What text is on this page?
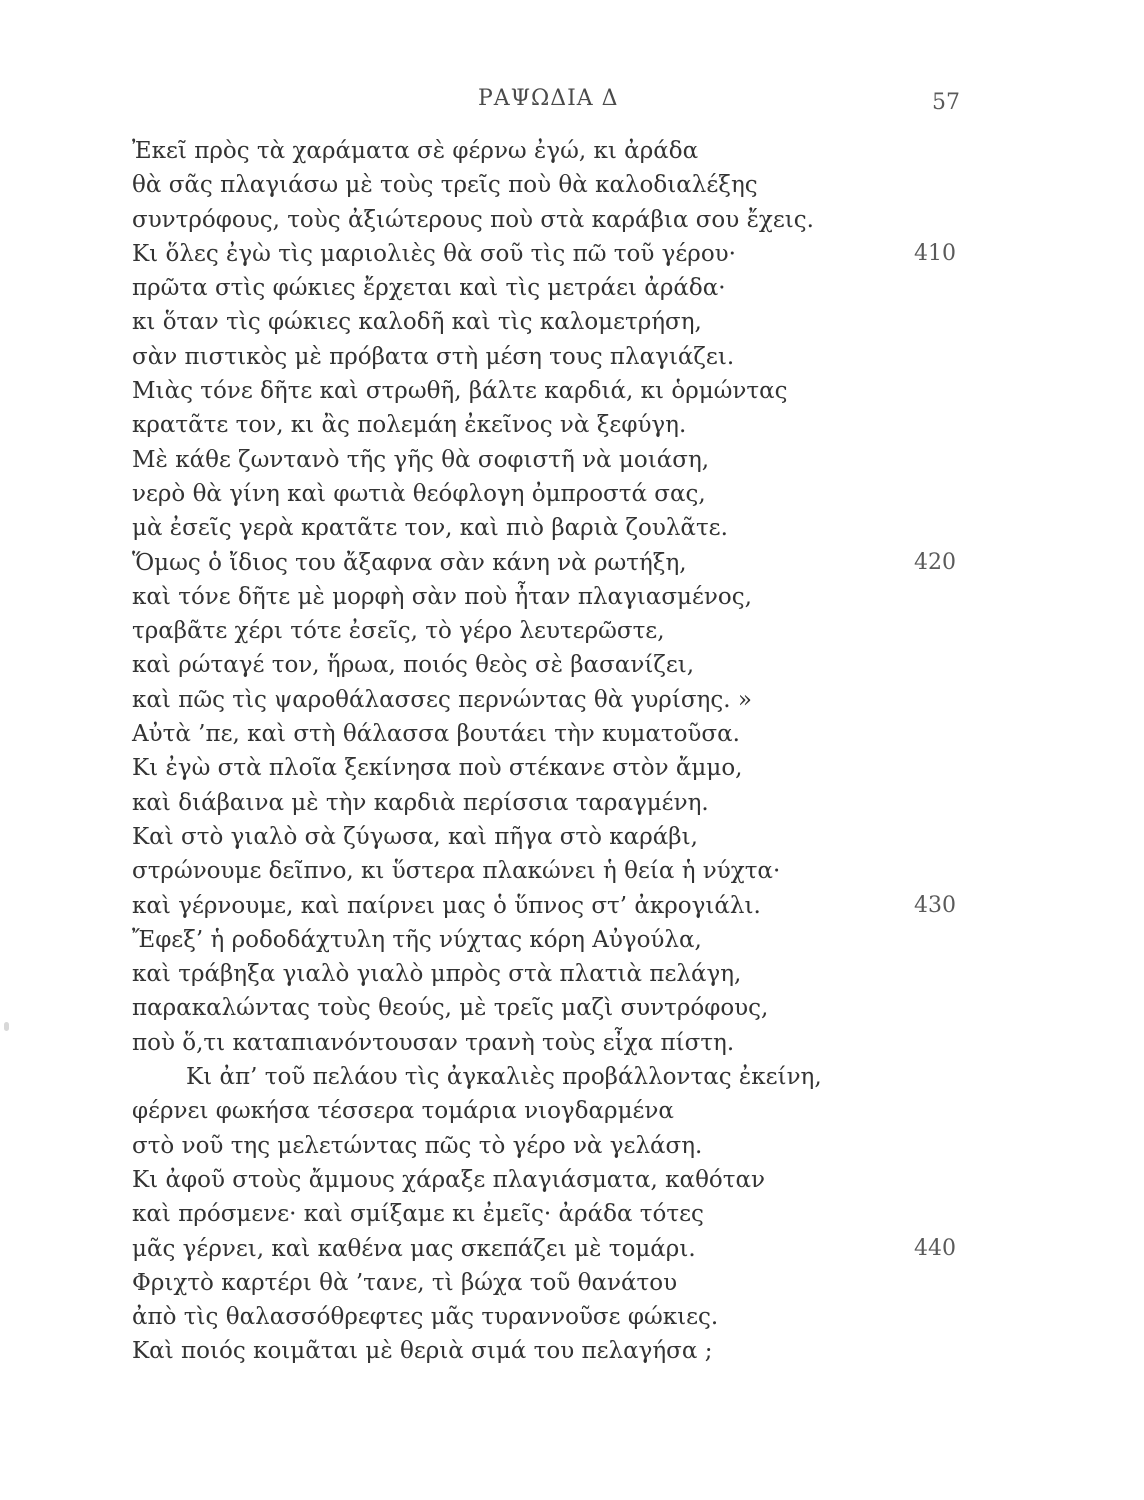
ΡΑΨΩΔΙΑ Δ	57
Ἐκεῖ πρὸς τὰ χαράματα σὲ φέρνω ἐγώ, κι ἀράδα
θὰ σᾶς πλαγιάσω μὲ τοὺς τρεῖς ποὺ θὰ καλοδιαλέξης
συντρόφους, τοὺς ἀξιώτερους ποὺ στὰ καράβια σου ἔχεις.
Κι ὅλες ἐγὼ τὶς μαριολιὲς θὰ σοῦ τὶς πῶ τοῦ γέρου·	410
πρῶτα στὶς φώκιες ἔρχεται καὶ τὶς μετράει ἀράδα·
κι ὅταν τὶς φώκιες καλοδῆ καὶ τὶς καλομετρήση,
σὰν πιστικὸς μὲ πρόβατα στὴ μέση τους πλαγιάζει.
Μιὰς τόνε δῆτε καὶ στρωθῆ, βάλτε καρδιά, κι ὁρμώντας
κρατᾶτε τον, κι ἂς πολεμάη ἐκεῖνος νὰ ξεφύγη.
Μὲ κάθε ζωντανὸ τῆς γῆς θὰ σοφιστῆ νὰ μοιάση,
νερὸ θὰ γίνη καὶ φωτιὰ θεόφλογη ὀμπροστά σας,
μὰ ἐσεῖς γερὰ κρατᾶτε τον, καὶ πιὸ βαριὰ ζουλᾶτε.
Ὅμως ὁ ἴδιος του ἄξαφνα σὰν κάνη νὰ ρωτήξη,	420
καὶ τόνε δῆτε μὲ μορφὴ σὰν ποὺ ἦταν πλαγιασμένος,
τραβᾶτε χέρι τότε ἐσεῖς, τὸ γέρο λευτερῶστε,
καὶ ρώταγέ τον, ἥρωα, ποιός θεὸς σὲ βασανίζει,
καὶ πῶς τὶς ψαροθάλασσες περνώντας θὰ γυρίσης. »
Αὐτὰ ’πε, καὶ στὴ θάλασσα βουτάει τὴν κυματοῦσα.
Κι ἐγὼ στὰ πλοῖα ξεκίνησα ποὺ στέκανε στὸν ἄμμο,
καὶ διάβαινα μὲ τὴν καρδιὰ περίσσια ταραγμένη.
Καὶ στὸ γιαλὸ σὰ ζύγωσα, καὶ πῆγα στὸ καράβι,
στρώνουμε δεῖπνο, κι ὕστερα πλακώνει ἡ θεία ἡ νύχτα·
καὶ γέρνουμε, καὶ παίρνει μας ὁ ὕπνος στ’ ἀκρογιάλι.	430
Ἔφεξ’ ἡ ροδοδάχτυλη τῆς νύχτας κόρη Αὐγούλα,
καὶ τράβηξα γιαλὸ γιαλὸ μπρὸς στὰ πλατιὰ πελάγη,
παρακαλώντας τοὺς θεούς, μὲ τρεῖς μαζὶ συντρόφους,
ποὺ ὅ,τι καταπιανόντουσαν τρανὴ τοὺς εἶχα πίστη.
Κι ἀπ’ τοῦ πελάου τὶς ἀγκαλιὲς προβάλλοντας ἐκείνη,
φέρνει φωκήσα τέσσερα τομάρια νιογδαρμένα
στὸ νοῦ της μελετώντας πῶς τὸ γέρο νὰ γελάση.
Κι ἀφοῦ στοὺς ἄμμους χάραξε πλαγιάσματα, καθόταν
καὶ πρόσμενε· καὶ σμίξαμε κι ἐμεῖς· ἀράδα τότες
μᾶς γέρνει, καὶ καθένα μας σκεπάζει μὲ τομάρι.	440
Φριχτὸ καρτέρι θὰ ’τανε, τὶ βώχα τοῦ θανάτου
ἀπὸ τὶς θαλασσόθρεφτες μᾶς τυραννοῦσε φώκιες.
Καὶ ποιός κοιμᾶται μὲ θεριὰ σιμά του πελαγήσα ;
